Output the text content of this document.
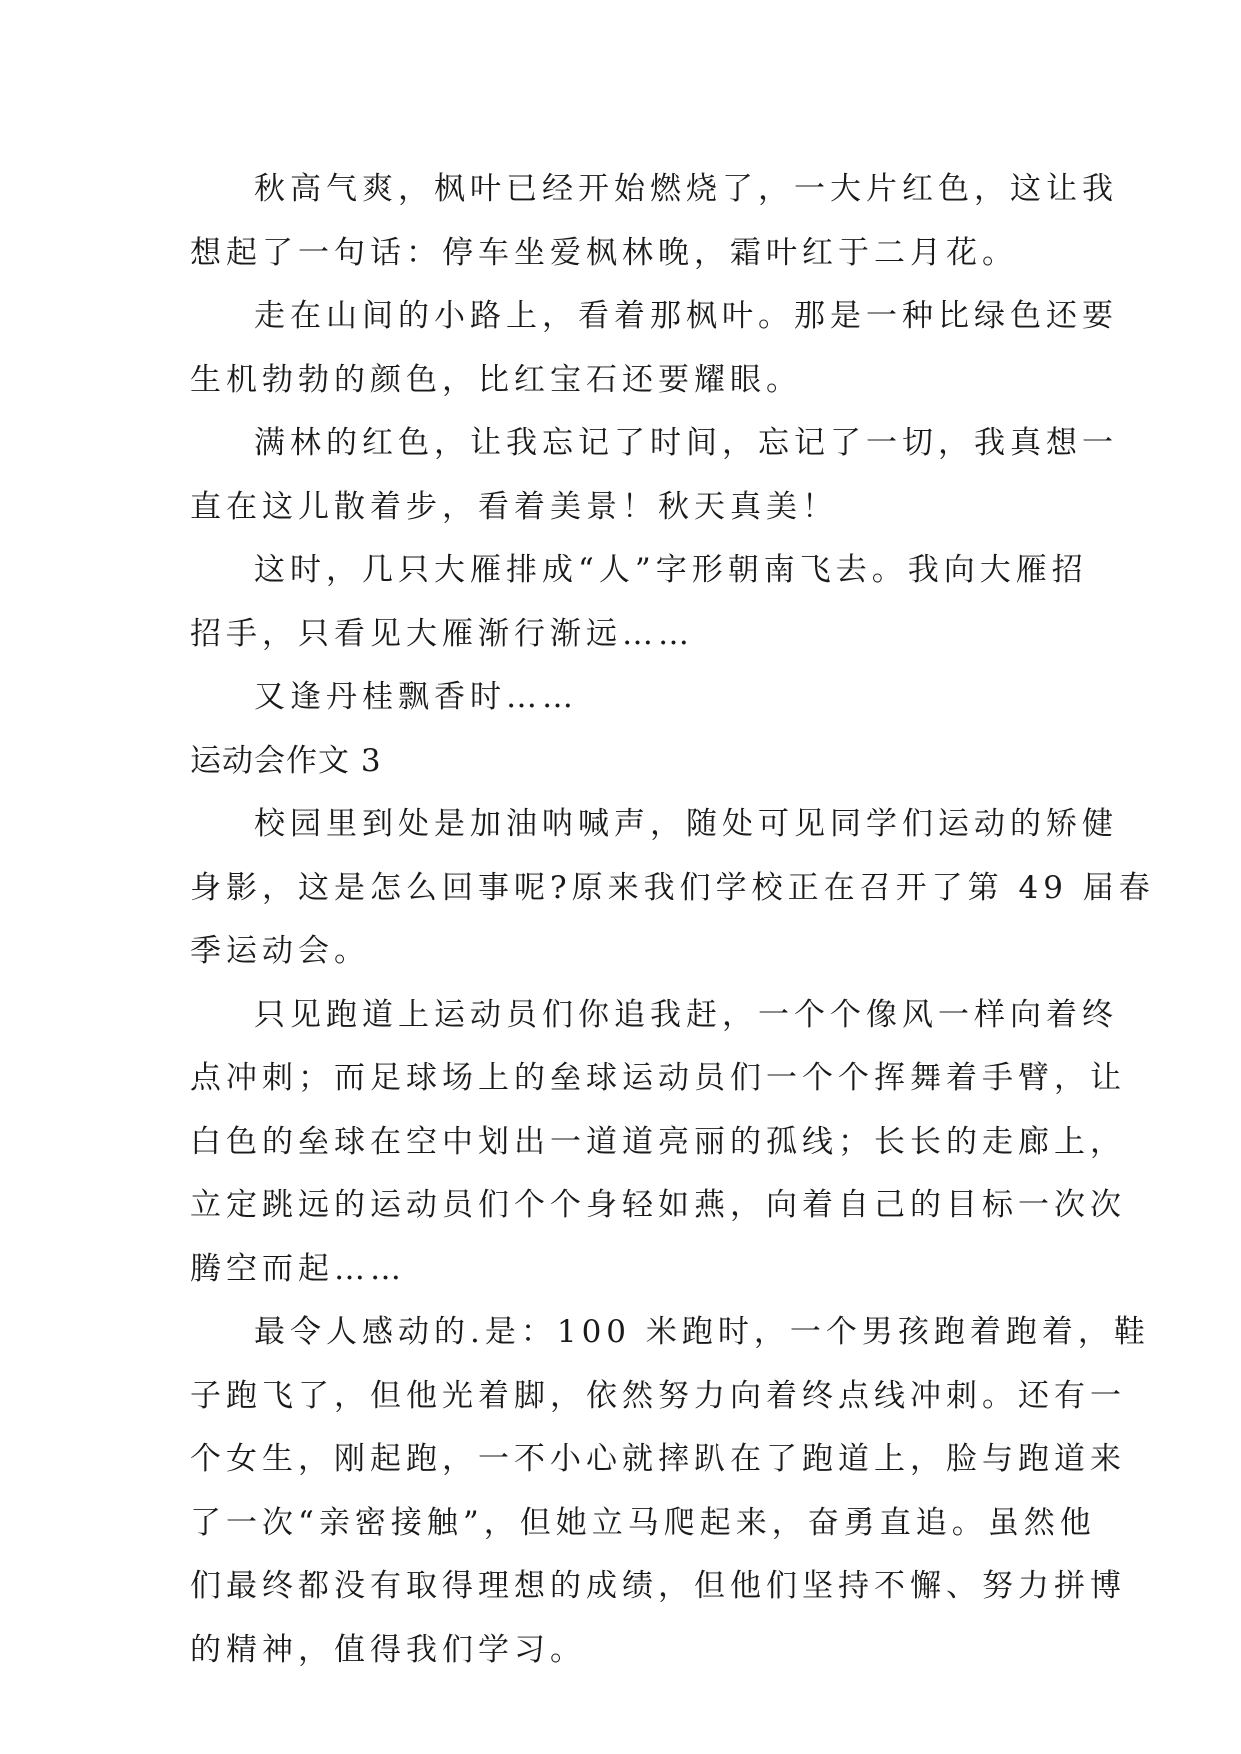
秋高气爽，枫叶已经开始燃烧了，一大片红色，这让我
想起了一句话：停车坐爱枫林晚，霜叶红于二月花。
走在山间的小路上，看着那枫叶。那是一种比绿色还要
生机勃勃的颜色，比红宝石还要耀眼。
满林的红色，让我忘记了时间，忘记了一切，我真想一
直在这儿散着步，看着美景！秋天真美！
这时，几只大雁排成“人”字形朝南飞去。我向大雁招
招手，只看见大雁渐行渐远……
又逢丹桂飘香时……
运动会作文 3
校园里到处是加油呐喊声，随处可见同学们运动的矫健
身影，这是怎么回事呢?原来我们学校正在召开了第 49 届春
季运动会。
只见跑道上运动员们你追我赶，一个个像风一样向着终
点冲刺；而足球场上的垒球运动员们一个个挥舞着手臂，让
白色的垒球在空中划出一道道亮丽的孤线；长长的走廊上，
立定跳远的运动员们个个身轻如燕，向着自己的目标一次次
腾空而起……
最令人感动的.是：100 米跑时，一个男孩跑着跑着，鞋
子跑飞了，但他光着脚，依然努力向着终点线冲刺。还有一
个女生，刚起跑，一不小心就摔趴在了跑道上，脸与跑道来
了一次“亲密接触”，但她立马爬起来，奋勇直追。虽然他
们最终都没有取得理想的成绩，但他们坚持不懈、努力拼博
的精神，值得我们学习。
